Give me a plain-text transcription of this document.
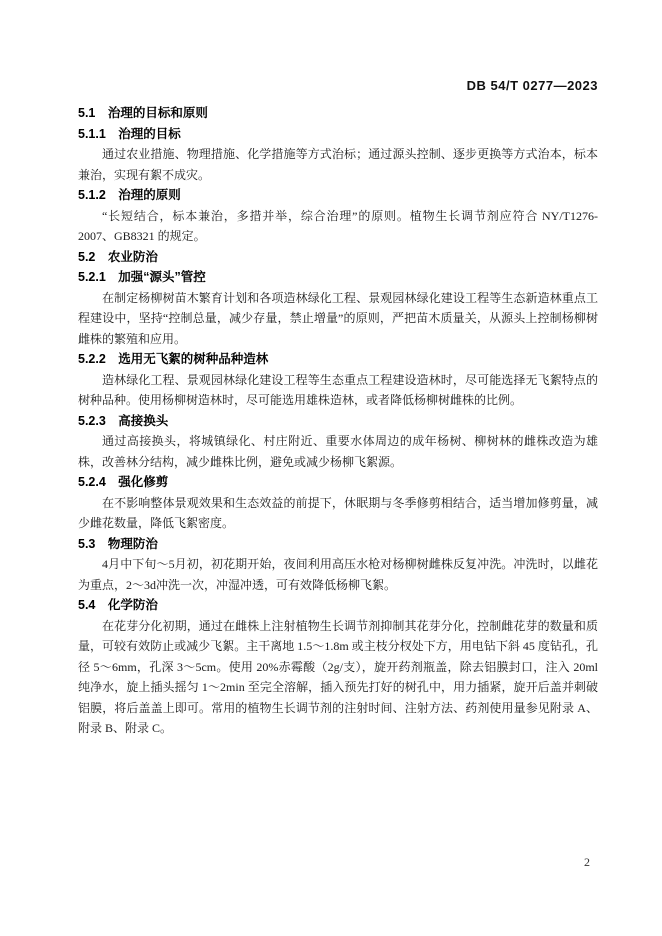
DB 54/T 0277—2023
5.1　治理的目标和原则
5.1.1　治理的目标

通过农业措施、物理措施、化学措施等方式治标；通过源头控制、逐步更换等方式治本，标本兼治，实现有絮不成灾。

5.1.2　治理的原则

“长短结合，标本兼治，多措并举，综合治理”的原则。植物生长调节剂应符合 NY/T1276-2007、GB8321 的规定。

5.2　农业防治
5.2.1　加强“源头”管控

在制定杨柳树苗木繁育计划和各项造林绿化工程、景观园林绿化建设工程等生态新造林重点工程建设中，坚持“控制总量，减少存量，禁止增量”的原则，严把苗木质量关，从源头上控制杨柳树雌株的繁殖和应用。

5.2.2　选用无飞絮的树种品种造林

造林绿化工程、景观园林绿化建设工程等生态重点工程建设造林时，尽可能选择无飞絮特点的树种品种。使用杨柳树造林时，尽可能选用雄株造林，或者降低杨柳树雌株的比例。

5.2.3　高接换头

通过高接换头，将城镇绿化、村庄附近、重要水体周边的成年杨树、柳树林的雌株改造为雄株，改善林分结构，减少雌株比例，避免或减少杨柳飞絮源。

5.2.4　强化修剪

在不影响整体景观效果和生态效益的前提下，休眠期与冬季修剪相结合，适当增加修剪量，减少雌花数量，降低飞絮密度。

5.3　物理防治

4月中下旬～5月初，初花期开始，夜间利用高压水枪对杨柳树雌株反复冲洗。冲洗时，以雌花为重点，2～3d冲洗一次，冲湿冲透，可有效降低杨柳飞絮。

5.4　化学防治

在花芽分化初期，通过在雌株上注射植物生长调节剂抑制其花芽分化，控制雌花芽的数量和质量，可较有效防止或减少飞絮。主干离地 1.5～1.8m 或主枝分杈处下方，用电钻下斜 45 度钻孔，孔径 5～6mm，孔深 3～5cm。使用 20%赤霉酸（2g/支），旋开药剂瓶盖，除去铝膜封口，注入 20ml 纯净水，旋上插头摇匀 1～2min 至完全溶解，插入预先打好的树孔中，用力插紧，旋开后盖并刺破铝膜，将后盖盖上即可。常用的植物生长调节剂的注射时间、注射方法、药剂使用量参见附录 A、附录 B、附录 C。

2
